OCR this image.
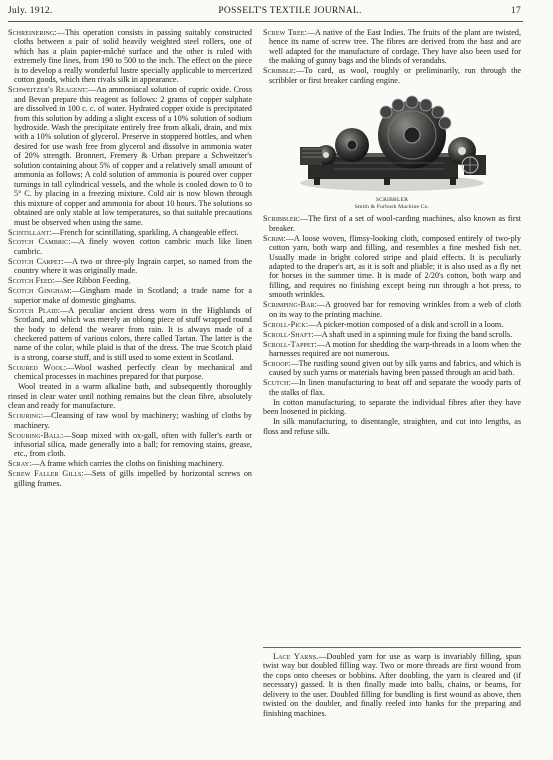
July. 1912.	POSSELT'S TEXTILE JOURNAL.	17

Schreinering:—This operation consists in passing suitably constructed cloths between a pair of solid heavily weighted steel rollers, one of which has a plain papier-mâché surface and the other is ruled with extremely fine lines, from 190 to 500 to the inch. The effect on the piece is to develop a really wonderful lustre specially applicable to mercerized cotton goods, which then rivals silk in appearance.

Schweitzer's Reagent:—An ammoniacal solution of cupric oxide. Cross and Bevan prepare this reagent as follows: 2 grams of copper sulphate are dissolved in 100 c. c. of water. Hydrated copper oxide is precipitated from this solution by adding a slight excess of a 10% solution of sodium hydroxide. Wash the precipitate entirely free from alkali, drain, and mix with a 10% solution of glycerol. Preserve in stoppered bottles, and when desired for use wash free from glycerol and dissolve in ammonia water of 20% strength. Bronnert, Fremery & Urban prepare a Schweitzer's solution containing about 5% of copper and a relatively small amount of ammonia as follows: A cold solution of ammonia is poured over copper turnings in tall cylindrical vessels, and the whole is cooled down to 0 to 5° C. by placing in a freezing mixture. Cold air is now blown through this mixture of copper and ammonia for about 10 hours. The solutions so obtained are only stable at low temperatures, so that suitable precautions must be observed when using the same.

Scintillant:—French for scintillating, sparkling. A changeable effect.

Scotch Cambric:—A finely woven cotton cambric much like linen cambric.

Scotch Carpet:—A two or three-ply Ingrain carpet, so named from the country where it was originally made.

Scotch Feed:—See Ribbon Feeding.

Scotch Gingham:—Gingham made in Scotland; a trade name for a superior make of domestic ginghams.

Scotch Plaid:—A peculiar ancient dress worn in the Highlands of Scotland, and which was merely an oblong piece of stuff wrapped round the body to defend the wearer from rain. It is always made of a checkered pattern of various colors, there called Tartan. The latter is the name of the color, while plaid is that of the dress. The true Scotch plaid is a strong, coarse stuff, and is still used to some extent in Scotland.

Scoured Wool:—Wool washed perfectly clean by mechanical and chemical processes in machines prepared for that purpose.

Wool treated in a warm alkaline bath, and subsequently thoroughly rinsed in clear water until nothing remains but the clean fibre, absolutely clean and ready for manufacture.

Scouring:—Cleansing of raw wool by machinery; washing of cloths by machinery.

Scouring-Ball:—Soap mixed with ox-gall, often with fuller's earth or infusorial silica, made generally into a ball; for removing stains, grease, etc., from cloth.

Scray:—A frame which carries the cloths on finishing machinery.

Screw Faller Gills:—Sets of gills impelled by horizontal screws on gilling frames.

Screw Tree:—A native of the East Indies. The fruits of the plant are twisted, hence its name of screw tree. The fibres are derived from the bast and are well adapted for the manufacture of cordage. They have also been used for the making of gunny bags and the blinds of verandahs.

Scribble:—To card, as wool, roughly or preliminarily, run through the scribbler or first breaker carding engine.

SCRIBBLER
Smith & Furbush Machine Co.

Scribbler:—The first of a set of wool-carding machines, also known as first breaker.

Scrim:—A loose woven, flimsy-looking cloth, composed entirely of two-ply cotton yarn, both warp and filling, and resembles a fine meshed fish net. Usually made in bright colored stripe and plaid effects. It is peculiarly adapted to the draper's art, as it is soft and pliable; it is also used as a fly net for horses in the summer time. It is made of 2/20's cotton, both warp and filling, and requires no finishing except being run through a hot press, to smooth wrinkles.

Scrimping-Bar:—A grooved bar for removing wrinkles from a web of cloth on its way to the printing machine.

Scroll-Pick:—A picker-motion composed of a disk and scroll in a loom.

Scroll-Shaft:—A shaft used in a spinning mule for fixing the band scrolls.

Scroll-Tappet:—A motion for shedding the warp-threads in a loom when the harnesses required are not numerous.

Scroop:—The rustling sound given out by silk yarns and fabrics, and which is caused by such yarns or materials having been passed through an acid bath.

Scutch:—In linen manufacturing to beat off and separate the woody parts of the stalks of flax.

In cotton manufacturing, to separate the individual fibres after they have been loosened in picking.

In silk manufacturing, to disentangle, straighten, and cut into lengths, as floss and refuse silk.

Lace Yarns.—Doubled yarn for use as warp is invariably filling, spun twist way but doubled filling way. Two or more threads are first wound from the cops onto cheeses or bobbins. After doubling, the yarn is cleared and (if necessary) gassed. It is then finally made into balls, chains, or beams, for delivery to the user. Doubled filling for bundling is first wound as above, then twisted on the doubler, and finally reeled into hanks for the preparing and finishing machines.
